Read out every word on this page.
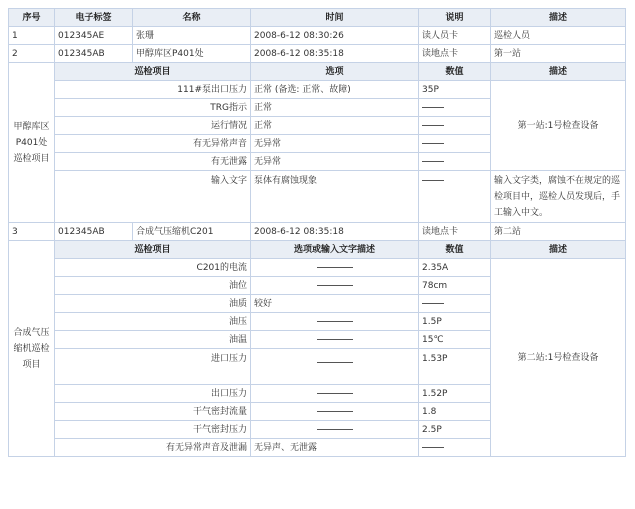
序号	电子标签	名称	时间	说明	描述
1	012345AE	张珊	2008-6-12 08:30:26	读人员卡	巡检人员
2	012345AB	甲醇库区P401处	2008-6-12 08:35:18	读地点卡	第一站
甲醇库区P401处巡检项目	巡检项目		选项	数值	描述
	111#泵出口压力		正常 (备选: 正常、故障)	35P	第一站:1号检查设备
	TRG指示		正常		
	运行情况		正常		
	有无异常声音		无异常		
	有无泄露		无异常		
	输入文字		泵体有腐蚀现象		输入文字类，腐蚀不在规定的巡检项目中，巡检人员发现后，手工输入中文。

3	012345AB	合成气压缩机C201	2008-6-12 08:35:18	读地点卡	第二站
合成气压缩机巡检项目	巡检项目		选项或输入文字描述	数值	描述
	C201的电流			2.35A	第二站:1号检查设备
	油位			78cm	
	油质		较好		
	油压			1.5P	
	油温			15℃	
	进口压力			1.53P	
	出口压力			1.52P	
	干气密封流量			1.8	
	干气密封压力			2.5P	
	有无异常声音及泄漏		无异声、无泄露		
